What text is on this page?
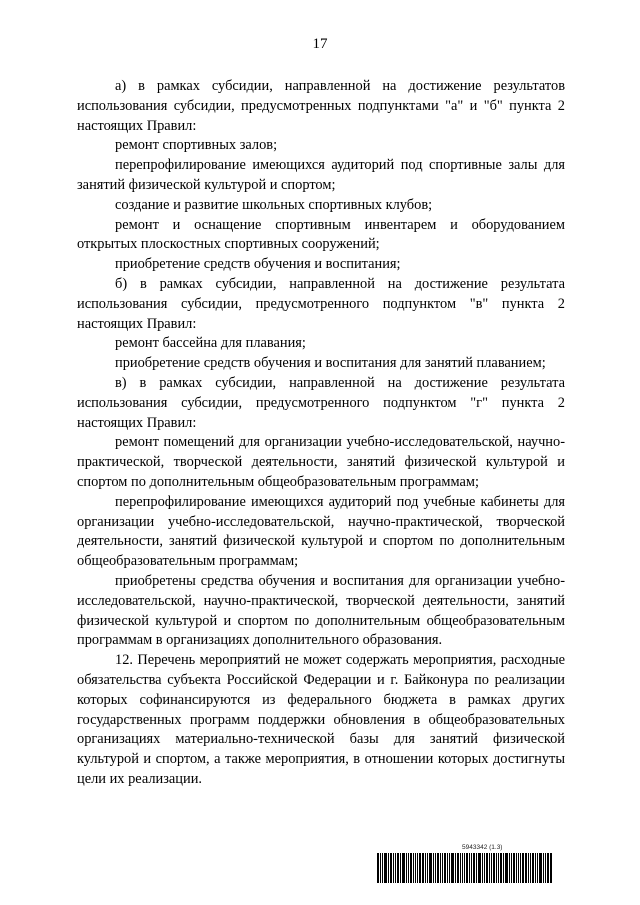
17

а) в рамках субсидии, направленной на достижение результатов использования субсидии, предусмотренных подпунктами "а" и "б" пункта 2 настоящих Правил:

ремонт спортивных залов;

перепрофилирование имеющихся аудиторий под спортивные залы для занятий физической культурой и спортом;

создание и развитие школьных спортивных клубов;

ремонт и оснащение спортивным инвентарем и оборудованием открытых плоскостных спортивных сооружений;

приобретение средств обучения и воспитания;

б) в рамках субсидии, направленной на достижение результата использования субсидии, предусмотренного подпунктом "в" пункта 2 настоящих Правил:

ремонт бассейна для плавания;

приобретение средств обучения и воспитания для занятий плаванием;

в) в рамках субсидии, направленной на достижение результата использования субсидии, предусмотренного подпунктом "г" пункта 2 настоящих Правил:

ремонт помещений для организации учебно-исследовательской, научно-практической, творческой деятельности, занятий физической культурой и спортом по дополнительным общеобразовательным программам;

перепрофилирование имеющихся аудиторий под учебные кабинеты для организации учебно-исследовательской, научно-практической, творческой деятельности, занятий физической культурой и спортом по дополнительным общеобразовательным программам;

приобретены средства обучения и воспитания для организации учебно-исследовательской, научно-практической, творческой деятельности, занятий физической культурой и спортом по дополнительным общеобразовательным программам в организациях дополнительного образования.

12. Перечень мероприятий не может содержать мероприятия, расходные обязательства субъекта Российской Федерации и г. Байконура по реализации которых софинансируются из федерального бюджета в рамках других государственных программ поддержки обновления в общеобразовательных организациях материально-технической базы для занятий физической культурой и спортом, а также мероприятия, в отношении которых достигнуты цели их реализации.

5943342 (1.3)
